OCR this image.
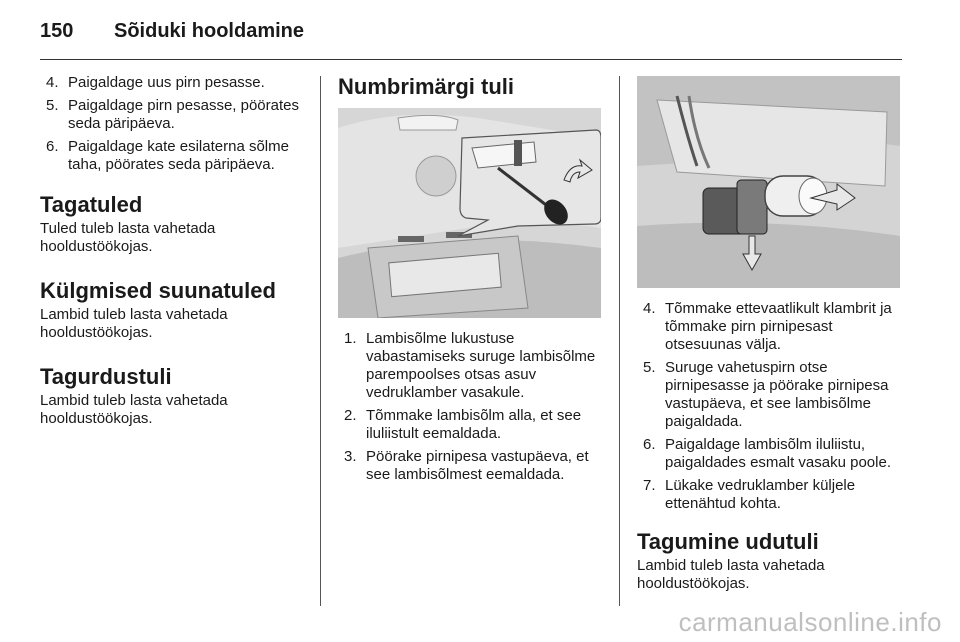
150 Sõiduki hooldamine
4. Paigaldage uus pirn pesasse.
5. Paigaldage pirn pesasse, pöörates seda päripäeva.
6. Paigaldage kate esilaterna sõlme taha, pöörates seda päripäeva.
Tagatuled

Tuled tuleb lasta vahetada hooldustöökojas.

Külgmised suunatuled

Lambid tuleb lasta vahetada hooldustöökojas.

Tagurdustuli

Lambid tuleb lasta vahetada hooldustöökojas.

Numbrimärgi tuli
1. Lambisõlme lukustuse vabastamiseks suruge lambisõlme parempoolses otsas asuv vedruklamber vasakule.
2. Tõmmake lambisõlm alla, et see iluliistult eemaldada.
3. Pöörake pirnipesa vastupäeva, et see lambisõlmest eemaldada.
4. Tõmmake ettevaatlikult klambrit ja tõmmake pirn pirnipesast otsesuunas välja.
5. Suruge vahetuspirn otse pirnipesasse ja pöörake pirnipesa vastupäeva, et see lambisõlme paigaldada.
6. Paigaldage lambisõlm iluliistu, paigaldades esmalt vasaku poole.
7. Lükake vedruklamber küljele ettenähtud kohta.
Tagumine udutuli

Lambid tuleb lasta vahetada hooldustöökojas.

carmanualsonline.info
